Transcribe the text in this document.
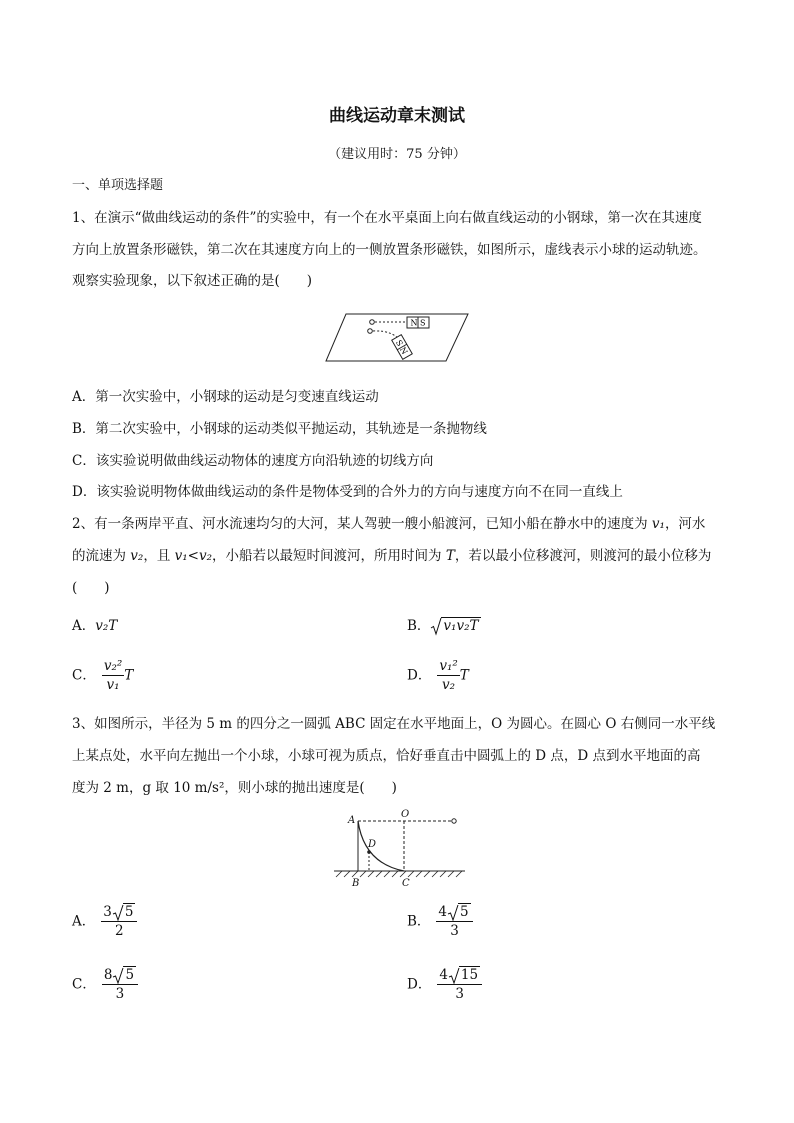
曲线运动章末测试
（建议用时：75 分钟）
一、单项选择题
1、在演示“做曲线运动的条件”的实验中，有一个在水平桌面上向右做直线运动的小钢球，第一次在其速度
方向上放置条形磁铁，第二次在其速度方向上的一侧放置条形磁铁，如图所示，虚线表示小球的运动轨迹。
观察实验现象，以下叙述正确的是(　　)
N S
S N
A．第一次实验中，小钢球的运动是匀变速直线运动
B．第二次实验中，小钢球的运动类似平抛运动，其轨迹是一条抛物线
C．该实验说明做曲线运动物体的速度方向沿轨迹的切线方向
D．该实验说明物体做曲线运动的条件是物体受到的合外力的方向与速度方向不在同一直线上
2、有一条两岸平直、河水流速均匀的大河，某人驾驶一艘小船渡河，已知小船在静水中的速度为 v₁，河水
的流速为 v₂，且 v₁<v₂，小船若以最短时间渡河，所用时间为 T，若以最小位移渡河，则渡河的最小位移为
(　　)
A．v₂T	B． v₁v₂T
C． $\frac{\text{v₂²}}{\text{v₁}}$ T	D． $\frac{\text{v₁²}}{\text{v₂}}$ T
3、如图所示，半径为 5 m 的四分之一圆弧 ABC 固定在水平地面上，O 为圆心。在圆心 O 右侧同一水平线
上某点处，水平向左抛出一个小球，小球可视为质点，恰好垂直击中圆弧上的 D 点，D 点到水平地面的高
度为 2 m，g 取 10 m/s²，则小球的抛出速度是(　　)
A
O
D
B	C
A． $\frac{3 5}{2}$	B． $\frac{4 5}{3}$
C． $\frac{8 5}{3}$	D． $\frac{4 15}{3}$
